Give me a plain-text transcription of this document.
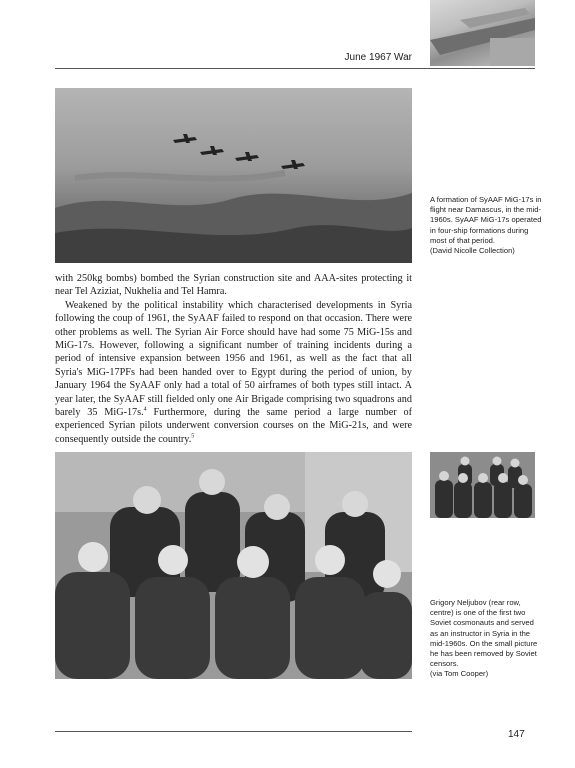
June 1967 War
A formation of SyAAF MiG-17s in flight near Damascus, in the mid-1960s. SyAAF MiG-17s operated in four-ship formations during most of that period.
(David Nicolle Collection)

with 250kg bombs) bombed the Syrian construction site and AAA-sites protecting it near Tel Aziziat, Nukhelia and Tel Hamra.

Weakened by the political instability which characterised developments in Syria following the coup of 1961, the SyAAF failed to respond on that occasion. There were other problems as well. The Syrian Air Force should have had some 75 MiG-15s and MiG-17s. However, following a significant number of training incidents during a period of intensive expansion between 1956 and 1961, as well as the fact that all Syria's MiG-17PFs had been handed over to Egypt during the period of union, by January 1964 the SyAAF only had a total of 50 airframes of both types still intact. A year later, the SyAAF still fielded only one Air Brigade comprising two squadrons and barely 35 MiG-17s.$^4$ Furthermore, during the same period a large number of experienced Syrian pilots underwent conversion courses on the MiG-21s, and were consequently outside the country.$^5$

Grigory Neljubov (rear row, centre) is one of the first two Soviet cosmonauts and served as an instructor in Syria in the mid-1960s. On the small picture he has been removed by Soviet censors.
(via Tom Cooper)
147
